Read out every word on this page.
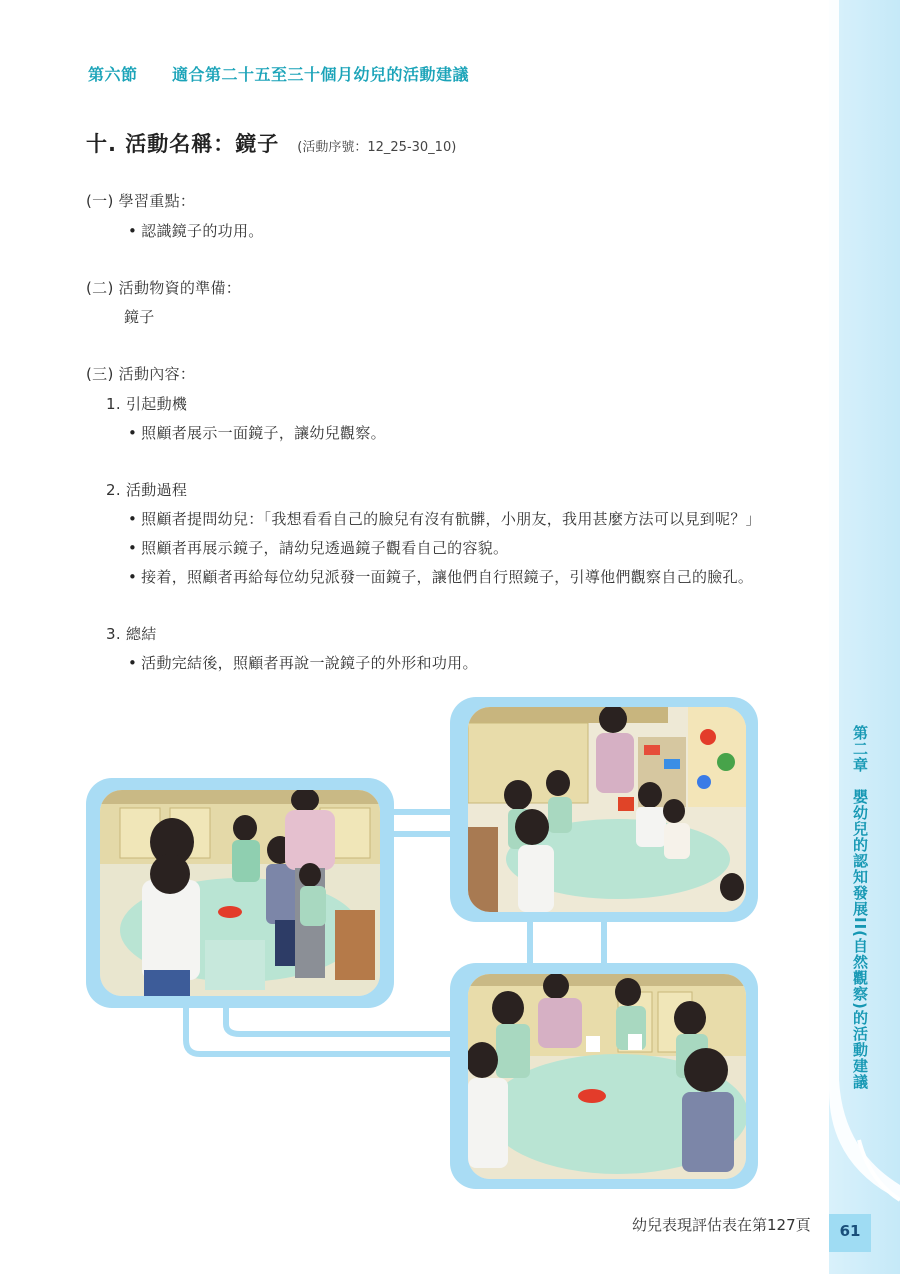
第二章　嬰幼兒的認知發展II(自然觀察)的活動建議
61
第六節 適合第二十五至三十個月幼兒的活動建議
十. 活動名稱：鏡子 (活動序號：12_25-30_10)
(一) 學習重點：
• 認識鏡子的功用。
(二) 活動物資的準備：
鏡子
(三) 活動內容：
1. 引起動機
• 照顧者展示一面鏡子，讓幼兒觀察。
2. 活動過程
• 照顧者提問幼兒：「我想看看自己的臉兒有沒有骯髒，小朋友，我用甚麼方法可以見到呢？」
• 照顧者再展示鏡子，請幼兒透過鏡子觀看自己的容貌。
• 接着，照顧者再給每位幼兒派發一面鏡子，讓他們自行照鏡子，引導他們觀察自己的臉孔。
3. 總結
• 活動完結後，照顧者再說一說鏡子的外形和功用。
幼兒表現評估表在第127頁
